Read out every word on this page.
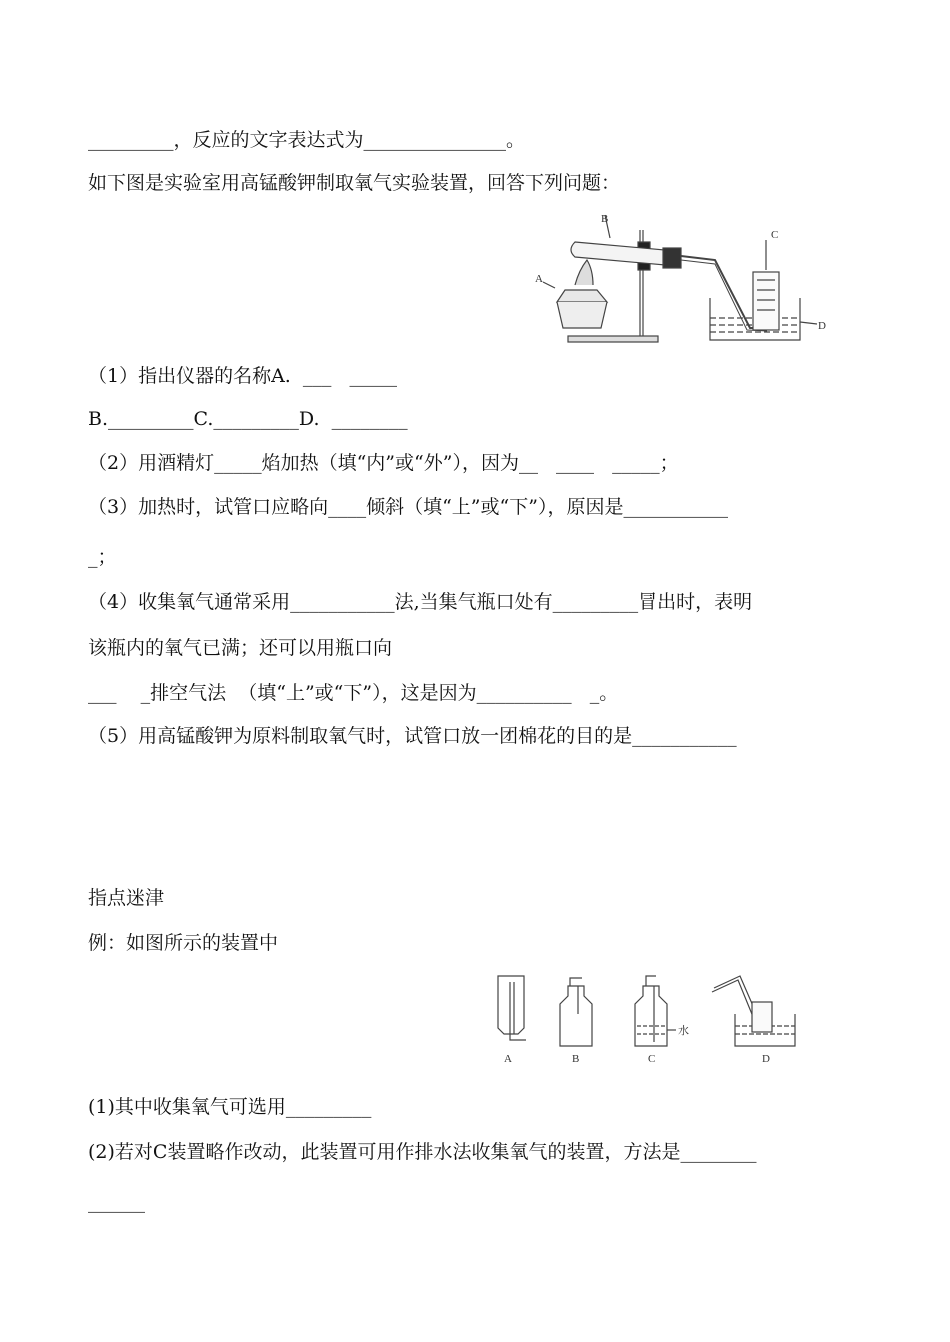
_________，反应的文字表达式为_______________。
如下图是实验室用高锰酸钾制取氧气实验装置，回答下列问题：
B
A
C
D
（1）指出仪器的名称A.  ___   _____
B._________C._________D.  ________
（2）用酒精灯_____焰加热（填“内”或“外”），因为__   ____   _____；
（3）加热时，试管口应略向____倾斜（填“上”或“下”），原因是___________
_；
（4）收集氧气通常采用___________法,当集气瓶口处有_________冒出时，表明
该瓶内的氧气已满；还可以用瓶口向
___    _排空气法  （填“上”或“下”），这是因为__________   _。
（5）用高锰酸钾为原料制取氧气时，试管口放一团棉花的目的是___________
指点迷津
例：如图所示的装置中
A	B	C	D
水
(1)其中收集氧气可选用_________
(2)若对C装置略作改动，此装置可用作排水法收集氧气的装置，方法是________
______
